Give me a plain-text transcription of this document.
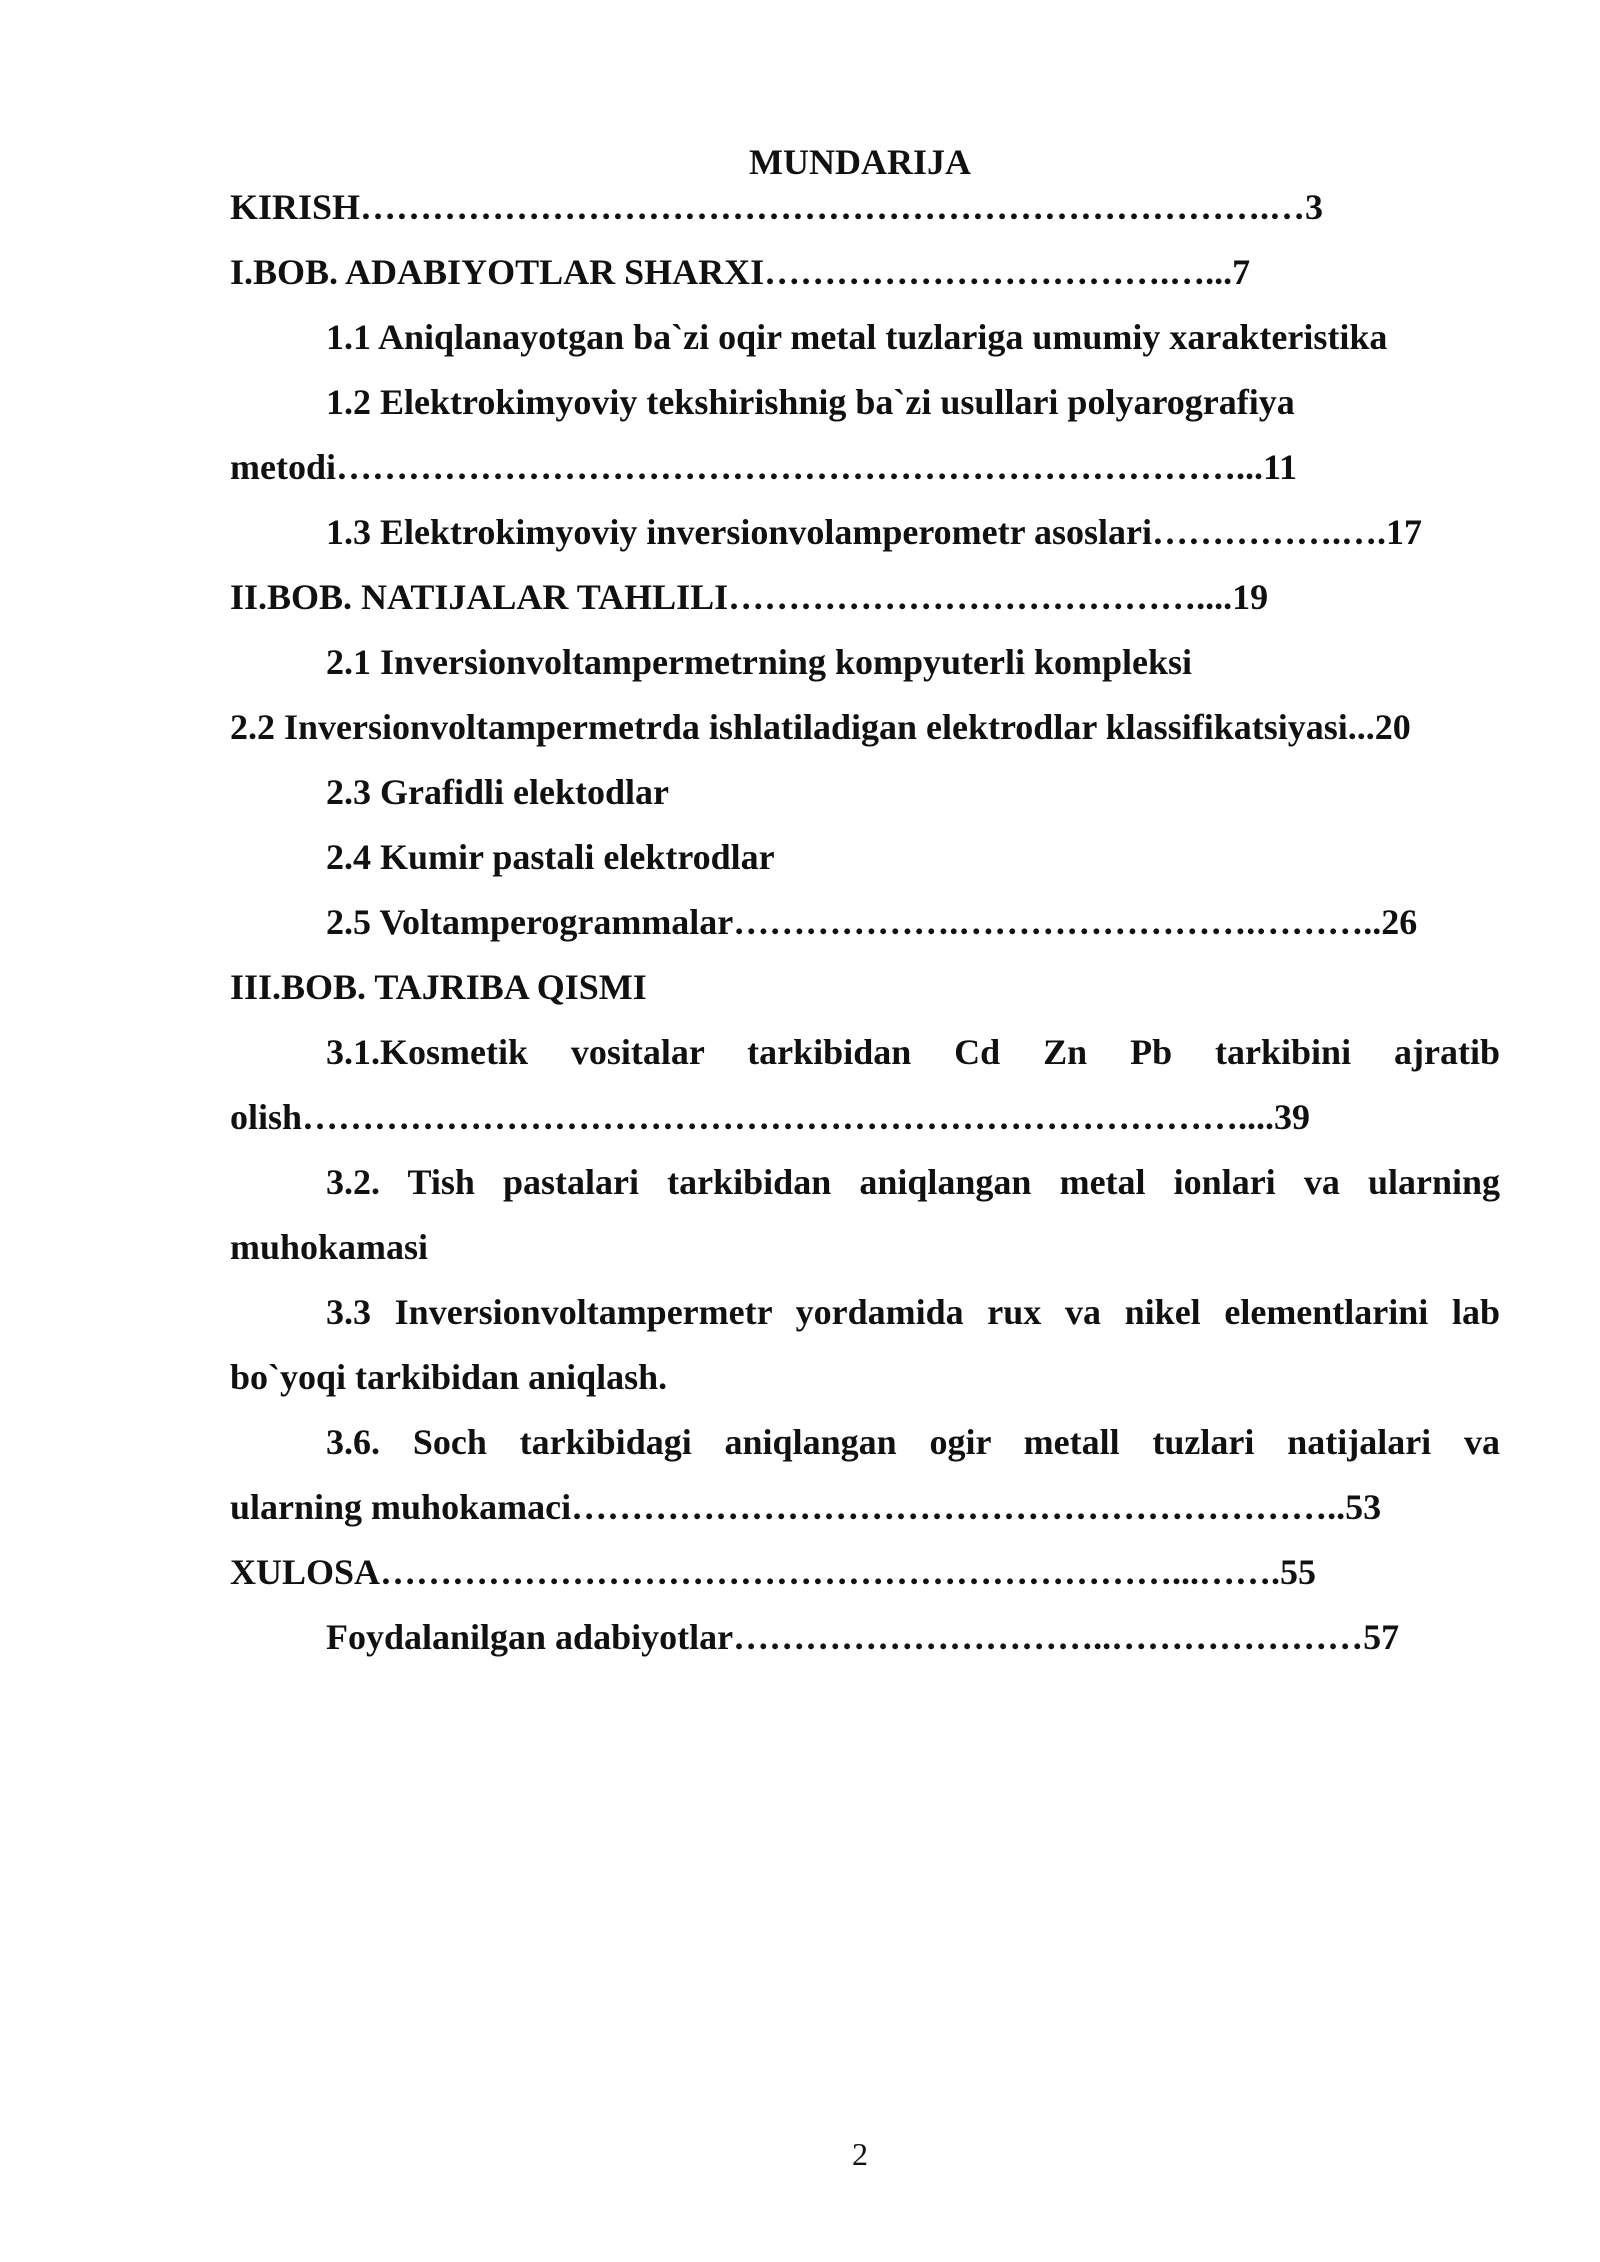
MUNDARIJA
KIRISH………………………………………………………………….…3
I.BOB. ADABIYOTLAR SHARXI…………………………….…...7
1.1 Aniqlanayotgan ba`zi oqir metal tuzlariga umumiy xarakteristika
1.2 Elektrokimyoviy tekshirishnig ba`zi usullari polyarografiya
metodi…………………………………………………………………...11
1.3 Elektrokimyoviy inversionvolamperometr asoslari…………….….17
II.BOB. NATIJALAR TAHLILI…………………………………....19
2.1 Inversionvoltampermetrning kompyuterli kompleksi
2.2 Inversionvoltampermetrda ishlatiladigan elektrodlar klassifikatsiyasi...20
2.3 Grafidli elektodlar
2.4 Kumir pastali elektrodlar
2.5 Voltamperogrammalar……………….…………………….………..26
III.BOB. TAJRIBA QISMI
3.1.Kosmetik vositalar tarkibidan Cd Zn Pb tarkibini ajratib
olish……………………………………………………………………....39
3.2. Tish pastalari tarkibidan aniqlangan metal ionlari va ularning
muhokamasi
3.3 Inversionvoltampermetr yordamida rux va nikel elementlarini lab
bo`yoqi tarkibidan aniqlash.
3.6. Soch tarkibidagi aniqlangan ogir metall tuzlari natijalari va
ularning muhokamaci………………………………………………………..53
XULOSA…………………………………………………………...…….55
Foydalanilgan adabiyotlar…………………………..…………………57
2
